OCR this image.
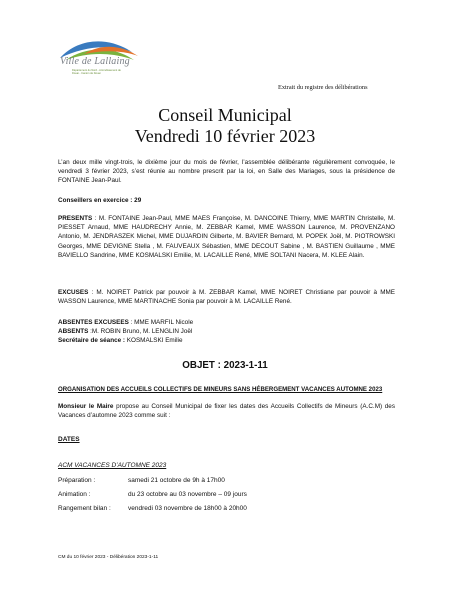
Ville de Lallaing
Département du Nord - Arrondissement de Douai - Canton de Douai
Extrait du registre des délibérations
Conseil Municipal
Vendredi 10 février 2023
L’an deux mille vingt-trois, le dixième jour du mois de février, l’assemblée délibérante régulièrement convoquée, le vendredi 3 février 2023, s’est réunie au nombre prescrit par la loi, en Salle des Mariages, sous la présidence de FONTAINE Jean-Paul.
Conseillers en exercice : 29
PRESENTS : M. FONTAINE Jean-Paul, MME MAES Françoise, M. DANCOINE Thierry, MME MARTIN Christelle, M. PIESSET Arnaud, MME HAUDRECHY Annie, M. ZEBBAR Kamel, MME WASSON Laurence, M. PROVENZANO Antonio, M. JENDRASZEK Michel, MME DUJARDIN Gilberte, M. BAVIER Bernard, M. POPEK Joël, M. PIOTROWSKI Georges, MME DEVIGNE Stella , M. FAUVEAUX Sébastien, MME DECOUT Sabine , M. BASTIEN Guillaume , MME BAVIELLO Sandrine, MME KOSMALSKI Emilie, M. LACAILLE René, MME SOLTANI Nacera, M. KLEE Alain.
EXCUSES : M. NOIRET Patrick par pouvoir à M. ZEBBAR Kamel, MME NOIRET Christiane par pouvoir à MME WASSON Laurence, MME MARTINACHE Sonia par pouvoir à M. LACAILLE René.
ABSENTES EXCUSEES : MME MARFIL Nicole
ABSENTS :M. ROBIN Bruno, M. LENGLIN Joël
Secrétaire de séance : KOSMALSKI Emilie
OBJET : 2023-1-11
ORGANISATION DES ACCUEILS COLLECTIFS DE MINEURS SANS HÉBERGEMENT VACANCES AUTOMNE 2023
Monsieur le Maire propose au Conseil Municipal de fixer les dates des Accueils Collectifs de Mineurs (A.C.M) des Vacances d’automne 2023 comme suit :
DATES
ACM VACANCES D’AUTOMNE 2023
Préparation :	samedi 21 octobre de 9h à 17h00
Animation :	du 23 octobre au 03 novembre – 09 jours
Rangement bilan :	vendredi 03 novembre de 18h00 à 20h00
CM du 10 février 2023 - Délibération 2023-1-11
